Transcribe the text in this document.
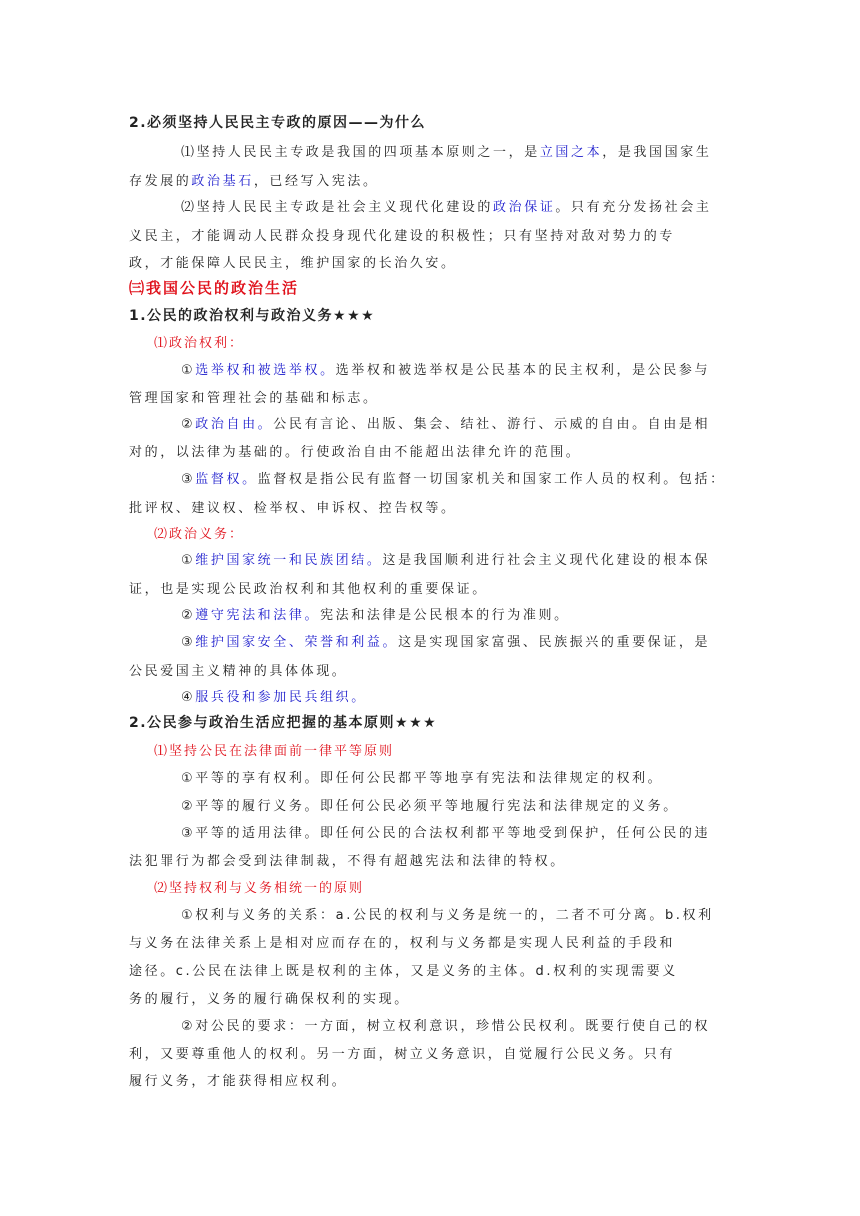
2.必须坚持人民民主专政的原因——为什么
⑴坚持人民民主专政是我国的四项基本原则之一，是立国之本，是我国国家生
存发展的政治基石，已经写入宪法。
⑵坚持人民民主专政是社会主义现代化建设的政治保证。只有充分发扬社会主
义民主，才能调动人民群众投身现代化建设的积极性；只有坚持对敌对势力的专
政，才能保障人民民主，维护国家的长治久安。
㈢我国公民的政治生活
1.公民的政治权利与政治义务★★★
⑴政治权利：
①选举权和被选举权。选举权和被选举权是公民基本的民主权利，是公民参与
管理国家和管理社会的基础和标志。
②政治自由。公民有言论、出版、集会、结社、游行、示威的自由。自由是相
对的，以法律为基础的。行使政治自由不能超出法律允许的范围。
③监督权。监督权是指公民有监督一切国家机关和国家工作人员的权利。包括：
批评权、建议权、检举权、申诉权、控告权等。
⑵政治义务：
①维护国家统一和民族团结。这是我国顺利进行社会主义现代化建设的根本保
证，也是实现公民政治权利和其他权利的重要保证。
②遵守宪法和法律。宪法和法律是公民根本的行为准则。
③维护国家安全、荣誉和利益。这是实现国家富强、民族振兴的重要保证，是
公民爱国主义精神的具体体现。
④服兵役和参加民兵组织。
2.公民参与政治生活应把握的基本原则★★★
⑴坚持公民在法律面前一律平等原则
①平等的享有权利。即任何公民都平等地享有宪法和法律规定的权利。
②平等的履行义务。即任何公民必须平等地履行宪法和法律规定的义务。
③平等的适用法律。即任何公民的合法权利都平等地受到保护，任何公民的违
法犯罪行为都会受到法律制裁，不得有超越宪法和法律的特权。
⑵坚持权利与义务相统一的原则
①权利与义务的关系：a.公民的权利与义务是统一的，二者不可分离。b.权利
与义务在法律关系上是相对应而存在的，权利与义务都是实现人民利益的手段和
途径。c.公民在法律上既是权利的主体，又是义务的主体。d.权利的实现需要义
务的履行，义务的履行确保权利的实现。
②对公民的要求：一方面，树立权利意识，珍惜公民权利。既要行使自己的权
利，又要尊重他人的权利。另一方面，树立义务意识，自觉履行公民义务。只有
履行义务，才能获得相应权利。
